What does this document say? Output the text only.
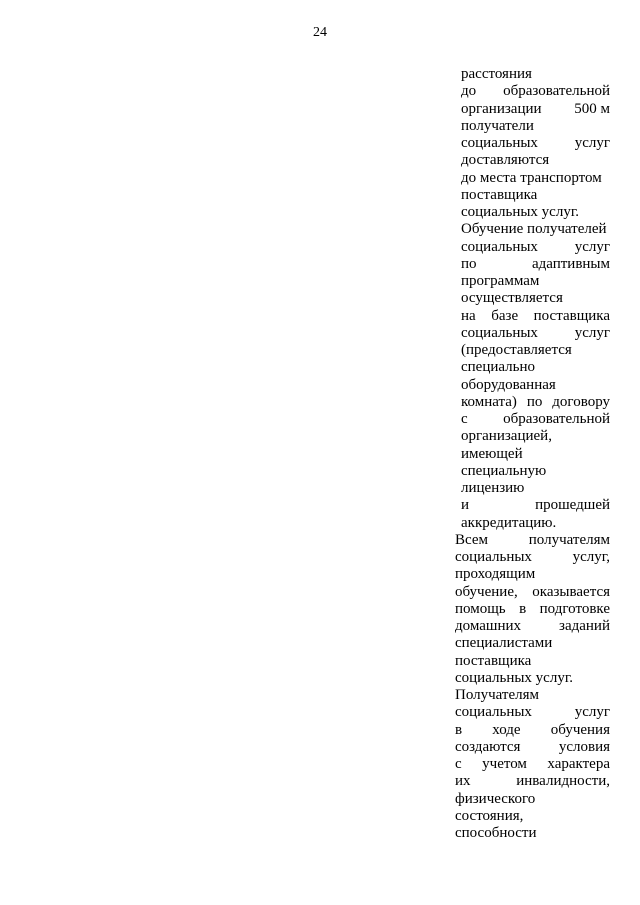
24
расстояния
до образовательной
организации 500 м
получатели
социальных услуг
доставляются
до места транспортом
поставщика
социальных услуг.
Обучение получателей
социальных услуг
по	адаптивным
программам
осуществляется
на базе поставщика
социальных услуг
(предоставляется
специально
оборудованная
комната) по договору
с образовательной
организацией,
имеющей
специальную
лицензию
и	прошедшей
аккредитацию.
Всем	получателям
социальных	услуг,
проходящим
обучение, оказывается
помощь в подготовке
домашних	заданий
специалистами
поставщика
социальных услуг.
Получателям
социальных	услуг
в ходе обучения
создаются	условия
с учетом характера
их	инвалидности,
физического
состояния,
способности
